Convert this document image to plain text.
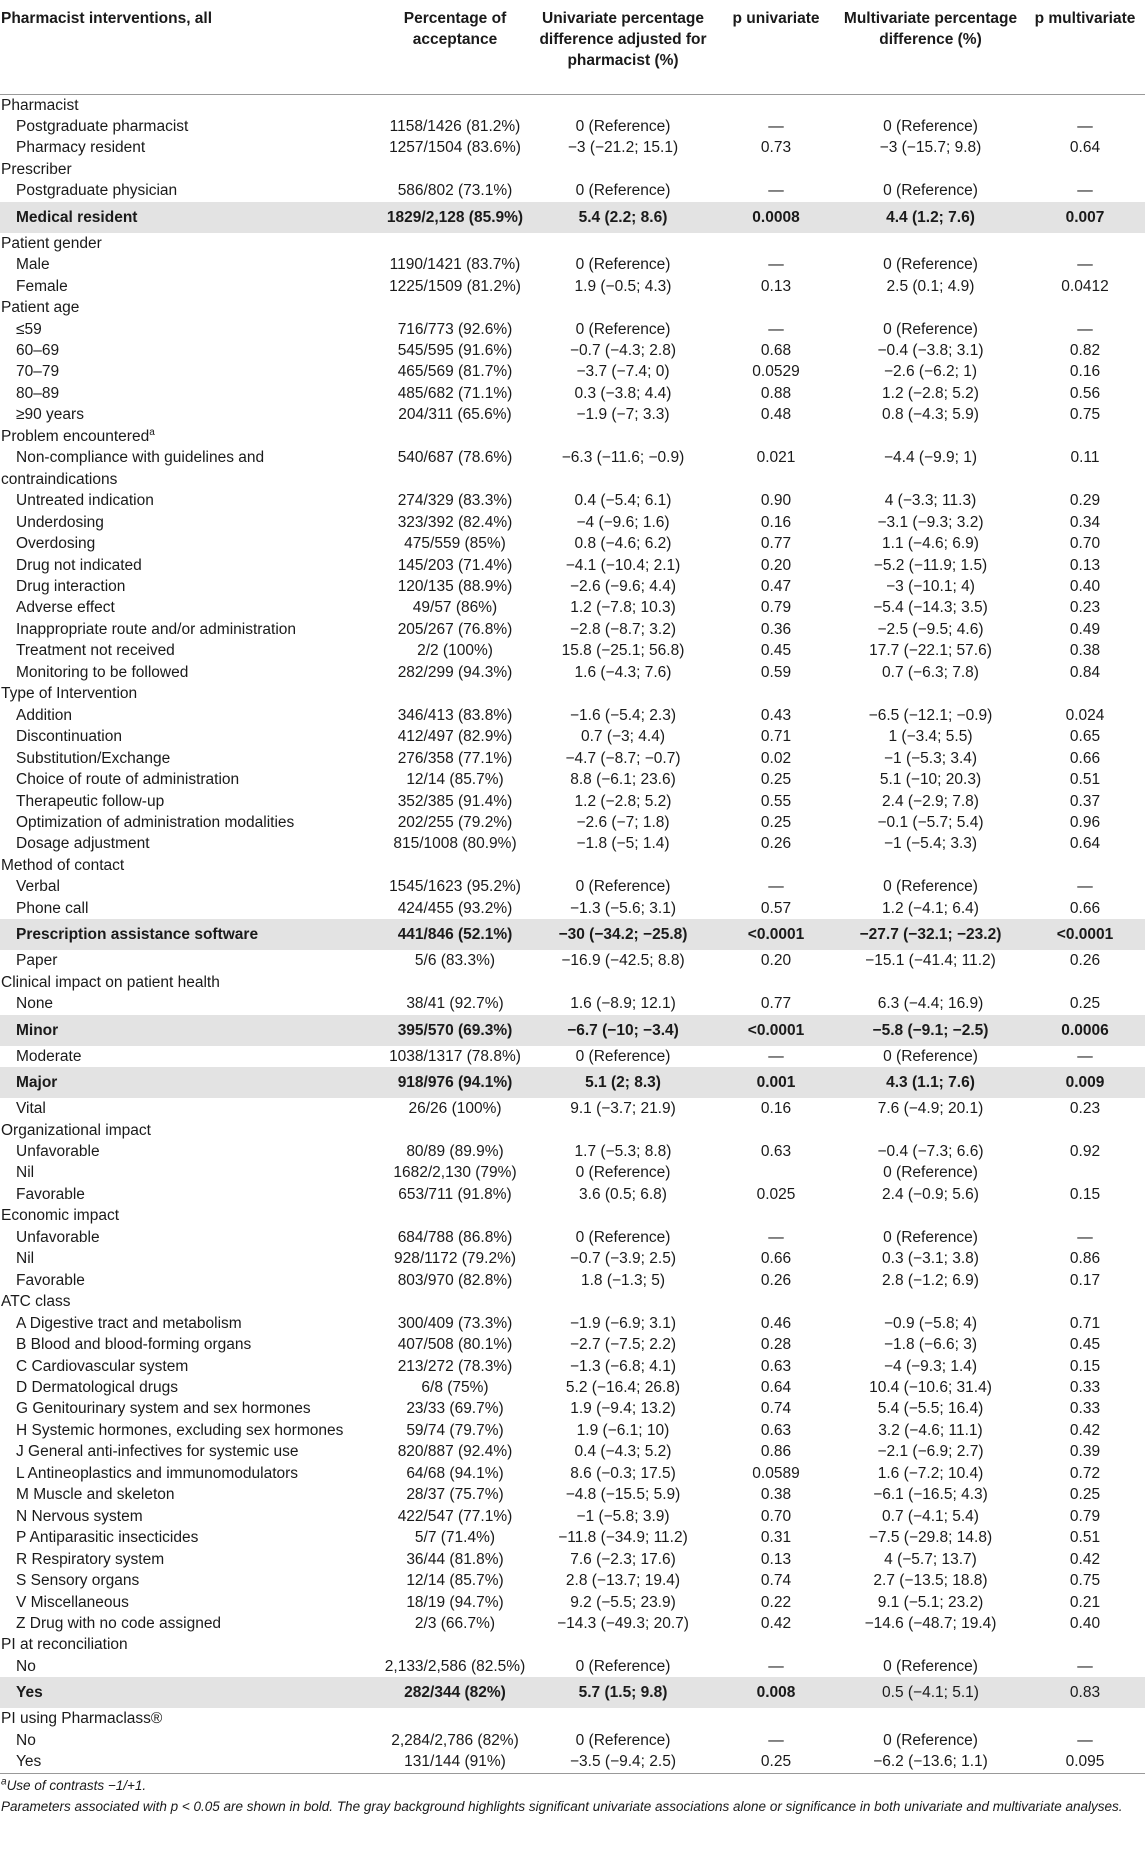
Pharmacist interventions, all	Percentage of acceptance	Univariate percentage difference adjusted for pharmacist (%)	p univariate	Multivariate percentage difference (%)	p multivariate
Pharmacist					
Postgraduate pharmacist	1158/1426 (81.2%)	0 (Reference)	—	0 (Reference)	—
Pharmacy resident	1257/1504 (83.6%)	−3 (−21.2; 15.1)	0.73	−3 (−15.7; 9.8)	0.64
Prescriber					
Postgraduate physician	586/802 (73.1%)	0 (Reference)	—	0 (Reference)	—
Medical resident	1829/2,128 (85.9%)	5.4 (2.2; 8.6)	0.0008	4.4 (1.2; 7.6)	0.007
Patient gender					
Male	1190/1421 (83.7%)	0 (Reference)	—	0 (Reference)	—
Female	1225/1509 (81.2%)	1.9 (−0.5; 4.3)	0.13	2.5 (0.1; 4.9)	0.0412
Patient age					
≤59	716/773 (92.6%)	0 (Reference)	—	0 (Reference)	—
60–69	545/595 (91.6%)	−0.7 (−4.3; 2.8)	0.68	−0.4 (−3.8; 3.1)	0.82
70–79	465/569 (81.7%)	−3.7 (−7.4; 0)	0.0529	−2.6 (−6.2; 1)	0.16
80–89	485/682 (71.1%)	0.3 (−3.8; 4.4)	0.88	1.2 (−2.8; 5.2)	0.56
≥90 years	204/311 (65.6%)	−1.9 (−7; 3.3)	0.48	0.8 (−4.3; 5.9)	0.75
Problem encountered$^a$					
Non-compliance with guidelines and	540/687 (78.6%)	−6.3 (−11.6; −0.9)	0.021	−4.4 (−9.9; 1)	0.11
contraindications					
Untreated indication	274/329 (83.3%)	0.4 (−5.4; 6.1)	0.90	4 (−3.3; 11.3)	0.29
Underdosing	323/392 (82.4%)	−4 (−9.6; 1.6)	0.16	−3.1 (−9.3; 3.2)	0.34
Overdosing	475/559 (85%)	0.8 (−4.6; 6.2)	0.77	1.1 (−4.6; 6.9)	0.70
Drug not indicated	145/203 (71.4%)	−4.1 (−10.4; 2.1)	0.20	−5.2 (−11.9; 1.5)	0.13
Drug interaction	120/135 (88.9%)	−2.6 (−9.6; 4.4)	0.47	−3 (−10.1; 4)	0.40
Adverse effect	49/57 (86%)	1.2 (−7.8; 10.3)	0.79	−5.4 (−14.3; 3.5)	0.23
Inappropriate route and/or administration	205/267 (76.8%)	−2.8 (−8.7; 3.2)	0.36	−2.5 (−9.5; 4.6)	0.49
Treatment not received	2/2 (100%)	15.8 (−25.1; 56.8)	0.45	17.7 (−22.1; 57.6)	0.38
Monitoring to be followed	282/299 (94.3%)	1.6 (−4.3; 7.6)	0.59	0.7 (−6.3; 7.8)	0.84
Type of Intervention					
Addition	346/413 (83.8%)	−1.6 (−5.4; 2.3)	0.43	−6.5 (−12.1; −0.9)	0.024
Discontinuation	412/497 (82.9%)	0.7 (−3; 4.4)	0.71	1 (−3.4; 5.5)	0.65
Substitution/Exchange	276/358 (77.1%)	−4.7 (−8.7; −0.7)	0.02	−1 (−5.3; 3.4)	0.66
Choice of route of administration	12/14 (85.7%)	8.8 (−6.1; 23.6)	0.25	5.1 (−10; 20.3)	0.51
Therapeutic follow-up	352/385 (91.4%)	1.2 (−2.8; 5.2)	0.55	2.4 (−2.9; 7.8)	0.37
Optimization of administration modalities	202/255 (79.2%)	−2.6 (−7; 1.8)	0.25	−0.1 (−5.7; 5.4)	0.96
Dosage adjustment	815/1008 (80.9%)	−1.8 (−5; 1.4)	0.26	−1 (−5.4; 3.3)	0.64
Method of contact					
Verbal	1545/1623 (95.2%)	0 (Reference)	—	0 (Reference)	—
Phone call	424/455 (93.2%)	−1.3 (−5.6; 3.1)	0.57	1.2 (−4.1; 6.4)	0.66
Prescription assistance software	441/846 (52.1%)	−30 (−34.2; −25.8)	<0.0001	−27.7 (−32.1; −23.2)	<0.0001
Paper	5/6 (83.3%)	−16.9 (−42.5; 8.8)	0.20	−15.1 (−41.4; 11.2)	0.26
Clinical impact on patient health					
None	38/41 (92.7%)	1.6 (−8.9; 12.1)	0.77	6.3 (−4.4; 16.9)	0.25
Minor	395/570 (69.3%)	−6.7 (−10; −3.4)	<0.0001	−5.8 (−9.1; −2.5)	0.0006
Moderate	1038/1317 (78.8%)	0 (Reference)	—	0 (Reference)	—
Major	918/976 (94.1%)	5.1 (2; 8.3)	0.001	4.3 (1.1; 7.6)	0.009
Vital	26/26 (100%)	9.1 (−3.7; 21.9)	0.16	7.6 (−4.9; 20.1)	0.23
Organizational impact					
Unfavorable	80/89 (89.9%)	1.7 (−5.3; 8.8)	0.63	−0.4 (−7.3; 6.6)	0.92
Nil	1682/2,130 (79%)	0 (Reference)		0 (Reference)	
Favorable	653/711 (91.8%)	3.6 (0.5; 6.8)	0.025	2.4 (−0.9; 5.6)	0.15
Economic impact					
Unfavorable	684/788 (86.8%)	0 (Reference)	—	0 (Reference)	—
Nil	928/1172 (79.2%)	−0.7 (−3.9; 2.5)	0.66	0.3 (−3.1; 3.8)	0.86
Favorable	803/970 (82.8%)	1.8 (−1.3; 5)	0.26	2.8 (−1.2; 6.9)	0.17
ATC class					
A Digestive tract and metabolism	300/409 (73.3%)	−1.9 (−6.9; 3.1)	0.46	−0.9 (−5.8; 4)	0.71
B Blood and blood-forming organs	407/508 (80.1%)	−2.7 (−7.5; 2.2)	0.28	−1.8 (−6.6; 3)	0.45
C Cardiovascular system	213/272 (78.3%)	−1.3 (−6.8; 4.1)	0.63	−4 (−9.3; 1.4)	0.15
D Dermatological drugs	6/8 (75%)	5.2 (−16.4; 26.8)	0.64	10.4 (−10.6; 31.4)	0.33
G Genitourinary system and sex hormones	23/33 (69.7%)	1.9 (−9.4; 13.2)	0.74	5.4 (−5.5; 16.4)	0.33
H Systemic hormones, excluding sex hormones	59/74 (79.7%)	1.9 (−6.1; 10)	0.63	3.2 (−4.6; 11.1)	0.42
J General anti-infectives for systemic use	820/887 (92.4%)	0.4 (−4.3; 5.2)	0.86	−2.1 (−6.9; 2.7)	0.39
L Antineoplastics and immunomodulators	64/68 (94.1%)	8.6 (−0.3; 17.5)	0.0589	1.6 (−7.2; 10.4)	0.72
M Muscle and skeleton	28/37 (75.7%)	−4.8 (−15.5; 5.9)	0.38	−6.1 (−16.5; 4.3)	0.25
N Nervous system	422/547 (77.1%)	−1 (−5.8; 3.9)	0.70	0.7 (−4.1; 5.4)	0.79
P Antiparasitic insecticides	5/7 (71.4%)	−11.8 (−34.9; 11.2)	0.31	−7.5 (−29.8; 14.8)	0.51
R Respiratory system	36/44 (81.8%)	7.6 (−2.3; 17.6)	0.13	4 (−5.7; 13.7)	0.42
S Sensory organs	12/14 (85.7%)	2.8 (−13.7; 19.4)	0.74	2.7 (−13.5; 18.8)	0.75
V Miscellaneous	18/19 (94.7%)	9.2 (−5.5; 23.9)	0.22	9.1 (−5.1; 23.2)	0.21
Z Drug with no code assigned	2/3 (66.7%)	−14.3 (−49.3; 20.7)	0.42	−14.6 (−48.7; 19.4)	0.40
PI at reconciliation					
No	2,133/2,586 (82.5%)	0 (Reference)	—	0 (Reference)	—
Yes	282/344 (82%)	5.7 (1.5; 9.8)	0.008	0.5 (−4.1; 5.1)	0.83
PI using Pharmaclass®					
No	2,284/2,786 (82%)	0 (Reference)	—	0 (Reference)	—
Yes	131/144 (91%)	−3.5 (−9.4; 2.5)	0.25	−6.2 (−13.6; 1.1)	0.095
$^a$Use of contrasts −1/+1.
Parameters associated with p < 0.05 are shown in bold. The gray background highlights significant univariate associations alone or significance in both univariate and multivariate analyses.
